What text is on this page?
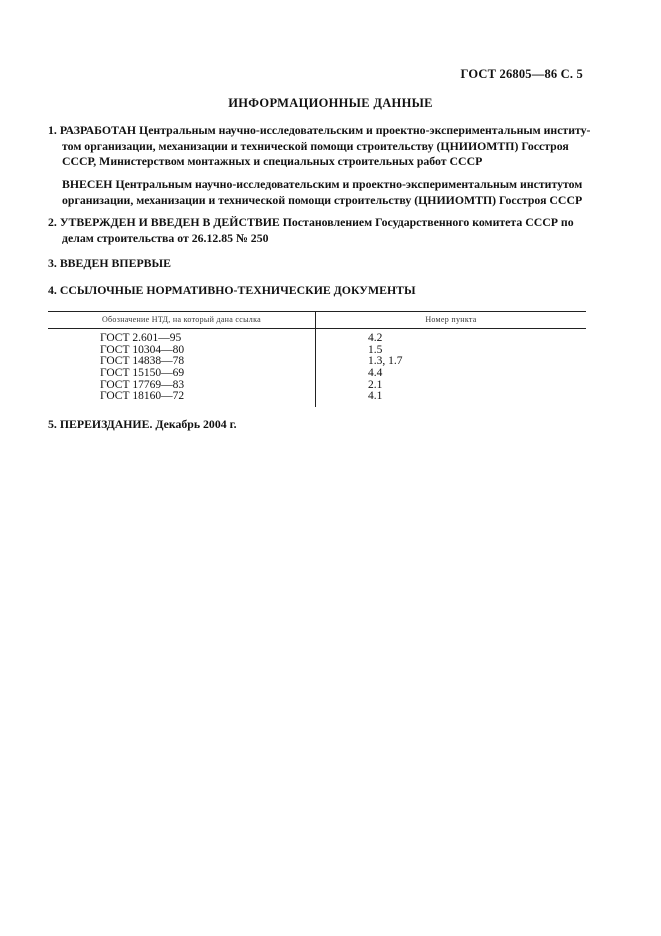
ГОСТ 26805—86 С. 5
ИНФОРМАЦИОННЫЕ ДАННЫЕ
1. РАЗРАБОТАН Центральным научно-исследовательским и проектно-экспериментальным институ-
том организации, механизации и технической помощи строительству (ЦНИИОМТП) Госстроя
СССР, Министерством монтажных и специальных строительных работ СССР
ВНЕСЕН Центральным научно-исследовательским и проектно-экспериментальным институтом
организации, механизации и технической помощи строительству (ЦНИИОМТП) Госстроя СССР
2. УТВЕРЖДЕН И ВВЕДЕН В ДЕЙСТВИЕ Постановлением Государственного комитета СССР по
делам строительства от 26.12.85 № 250
3. ВВЕДЕН ВПЕРВЫЕ
4. ССЫЛОЧНЫЕ НОРМАТИВНО-ТЕХНИЧЕСКИЕ ДОКУМЕНТЫ
Обозначение НТД, на который дана ссылка	Номер пункта
ГОСТ 2.601—95
ГОСТ 10304—80
ГОСТ 14838—78
ГОСТ 15150—69
ГОСТ 17769—83
ГОСТ 18160—72
4.2
1.5
1.3, 1.7
4.4
2.1
4.1
5. ПЕРЕИЗДАНИЕ. Декабрь 2004 г.
